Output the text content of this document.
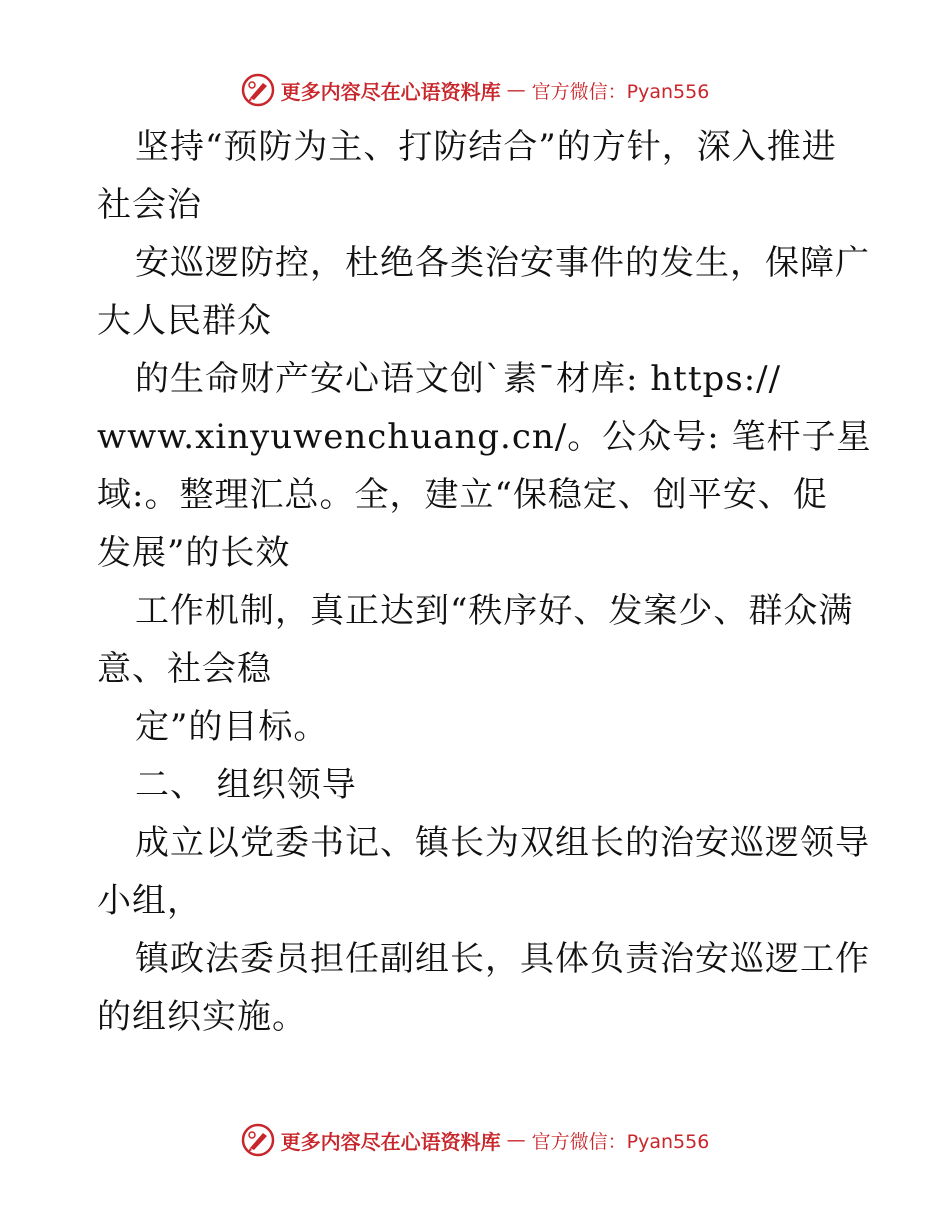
更多内容尽在心语资料库 — 官方微信：Pyan556
坚持“预防为主、打防结合”的方针，深入推进
社会治
安巡逻防控，杜绝各类治安事件的发生，保障广
大人民群众
的生命财产安心语文创`素¯材库: https://
www.xinyuwenchuang.cn/。公众号: 笔杆子星
域:。整理汇总。全，建立“保稳定、创平安、促
发展”的长效
工作机制，真正达到“秩序好、发案少、群众满
意、社会稳
定”的目标。
二、 组织领导
成立以党委书记、镇长为双组长的治安巡逻领导
小组，
镇政法委员担任副组长，具体负责治安巡逻工作
的组织实施。
更多内容尽在心语资料库 — 官方微信：Pyan556
